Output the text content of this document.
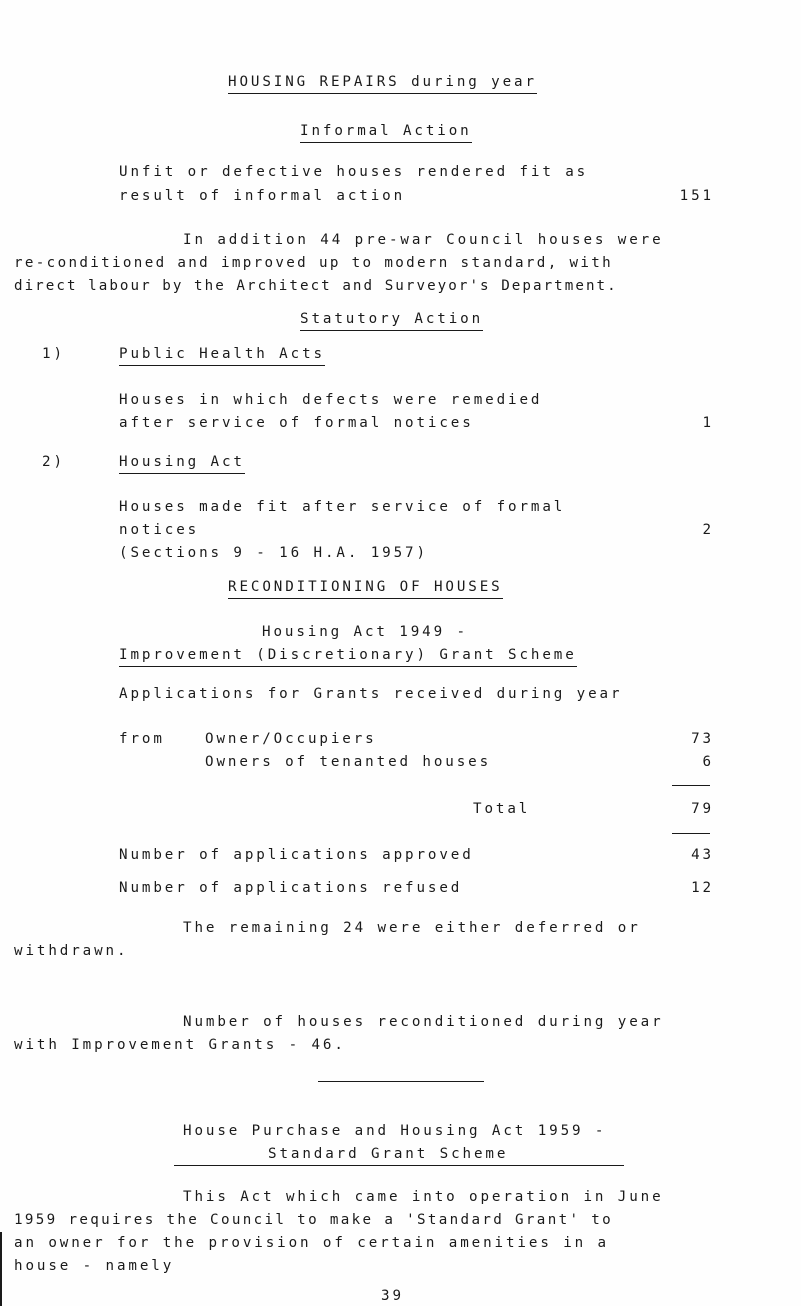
HOUSING REPAIRS during year
Informal Action
Unfit or defective houses rendered fit as
result of informal action	151
In addition 44 pre-war Council houses were
re-conditioned and improved up to modern standard, with
direct labour by the Architect and Surveyor's Department.
Statutory Action
1)	Public Health Acts
Houses in which defects were remedied
after service of formal notices	1
2)	Housing Act
Houses made fit after service of formal
notices	2
(Sections 9 - 16 H.A. 1957)
RECONDITIONING OF HOUSES
Housing Act 1949 -
Improvement (Discretionary) Grant Scheme
Applications for Grants received during year
from	Owner/Occupiers	73
Owners of tenanted houses	6
Total	79
Number of applications approved	43
Number of applications refused	12
The remaining 24 were either deferred or
withdrawn.
Number of houses reconditioned during year
with Improvement Grants - 46.
House Purchase and Housing Act 1959 -
Standard Grant Scheme
This Act which came into operation in June
1959 requires the Council to make a 'Standard Grant' to
an owner for the provision of certain amenities in a
house - namely
39
